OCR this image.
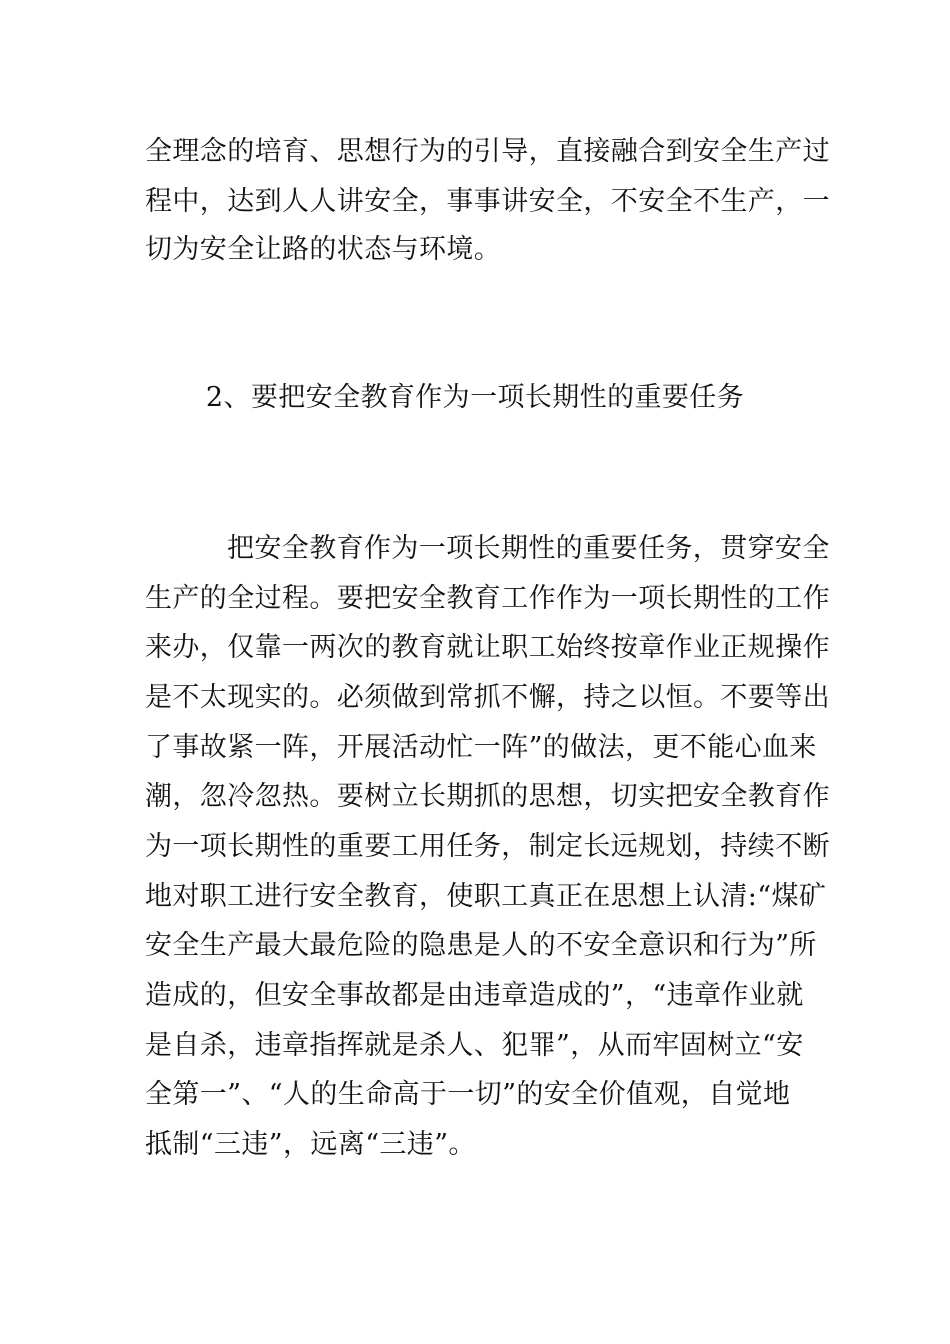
全理念的培育、思想行为的引导，直接融合到安全生产过
程中，达到人人讲安全，事事讲安全，不安全不生产，一
切为安全让路的状态与环境。
2、要把安全教育作为一项长期性的重要任务
把安全教育作为一项长期性的重要任务，贯穿安全
生产的全过程。要把安全教育工作作为一项长期性的工作
来办，仅靠一两次的教育就让职工始终按章作业正规操作
是不太现实的。必须做到常抓不懈，持之以恒。不要等出
了事故紧一阵，开展活动忙一阵”的做法，更不能心血来
潮，忽冷忽热。要树立长期抓的思想，切实把安全教育作
为一项长期性的重要工用任务，制定长远规划，持续不断
地对职工进行安全教育，使职工真正在思想上认清:“煤矿
安全生产最大最危险的隐患是人的不安全意识和行为”所
造成的，但安全事故都是由违章造成的”，“违章作业就
是自杀，违章指挥就是杀人、犯罪”，从而牢固树立“安
全第一”、“人的生命高于一切”的安全价值观，自觉地
抵制“三违”，远离“三违”。
